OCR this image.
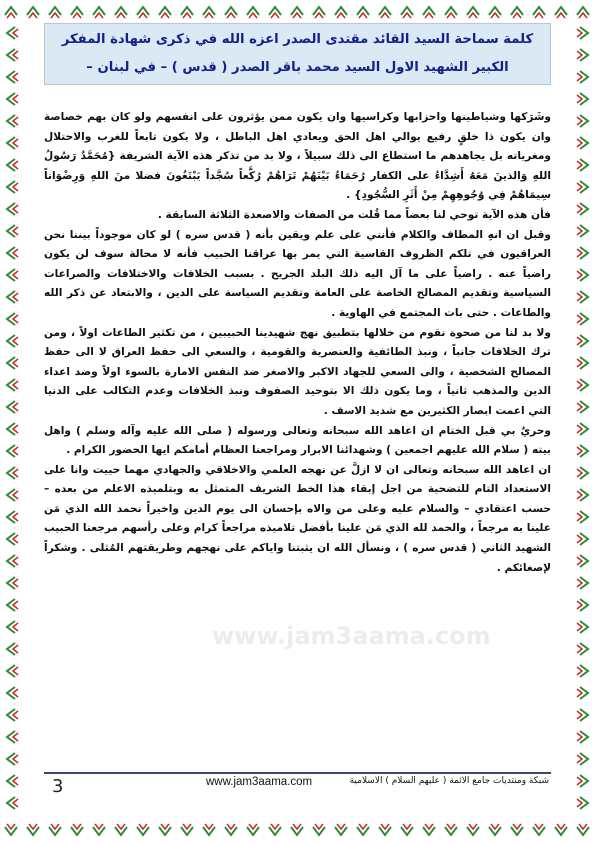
كلمة سماحة السيد القائد مقتدى الصدر اعزه الله في ذكرى شهادة المفكر
الكبير الشهيد الاول السيد محمد باقر الصدر ( قدس ) – في لبنان –
www.jam3aama.com

وشَرَكها وشياطينها واحزابها وكراسيها وان يكون ممن يؤثرون على انفسهم ولو كان بهم خصاصة وان يكون ذا خلقٍ رفيع يوالي اهل الحق ويعادي اهل الباطل ، ولا يكون تابعاً للغرب والاحتلال ومغرياته بل يجاهدهم ما استطاع الى ذلك سبيلاً ، ولا بد من تذكر هذه الآية الشريفة {مُحَمَّدٌ رَسُولُ اللهِ وَالذينَ مَعَهُ أَشِدَّاءُ على الكفار رُحَمَاءُ بَيْنَهُمْ تَرَاهُمْ رُكَّعاً سُجَّداً يَبْتَغُونَ فضلا منَ اللهِ وَرِضْوَاناً سِيمَاهُمْ فِي وُجُوهِهِمْ مِنْ أَثَرِ السُّجُودِ} .

فأن هذه الآية توحي لنا بعضاً مما قُلت من الصفات والاصعدة الثلاثة السابقة .

وقبل ان انهِ المطاف والكلام فأنني على علم ويقين بأنه ( قدس سره ) لو كان موجوداً بيننا نحن العراقيون في تلكم الظروف القاسية التي يمر بها عراقنا الحبيب فأنه لا محالة سوف لن يكون راضياً عنه . راضياً على ما آل اليه ذلك البلد الجريح . بسبب الخلافات والاختلافات والصراعات السياسية وتقديم المصالح الخاصة على العامة وتقديم السياسة على الدين ، والابتعاد عن ذكر الله والطاعات . حتى بات المجتمع في الهاوية .

ولا بد لنا من صحوة نقوم من خلالها بتطبيق نهج شهيدينا الحبيبين ، من تكثير الطاعات اولاً ، ومن ترك الخلافات جانباً ، ونبذ الطائفية والعنصرية والقومية ، والسعي الى حفظ العراق لا الى حفظ المصالح الشخصية ، والى السعي للجهاد الاكبر والاصغر ضد النفس الامارة بالسوء اولاً وضد اعداء الدين والمذهب ثانياً ، وما يكون ذلك الا بتوحيد الصفوف ونبذ الخلافات وعدم التكالب على الدنيا التي اعمت ابصار الكثيرين مع شديد الاسف .

وحريٌ بي قبل الختام ان اعاهد الله سبحانه وتعالى ورسوله ( صلى الله عليه وآله وسلم ) واهل بيته ( سلام الله عليهم اجمعين ) وشهدائنا الابرار ومراجعنا العظام أمامكم ايها الحضور الكرام .

ان اعاهد الله سبحانه وتعالى ان لا ازلَّ عن نهجه العلمي والاخلاقي والجهادي مهما حييت وانا على الاستعداد التام للتضحية من اجل إبقاء هذا الخط الشريف المتمثل به وبتلميذه الاعلم من بعده – حسب اعتقادي – والسلام عليه وعلى من والاه بإحسان الى يوم الدين واخيراً نحمد الله الذي مَن علينا به مرجعاً ، والحمد لله الذي مَن علينا بأفضل تلاميذه مراجعاً كرام وعلى رأسهم مرجعنا الحبيب الشهيد الثاني ( قدس سره ) ، ونسأل الله ان يثبتنا واياكم على نهجهم وطريقتهم المُثلى . وشكراً لإصغائكم .

3	www.jam3aama.com	شبكة ومنتديات جامع الائمة ( عليهم السلام ) الاسلامية
